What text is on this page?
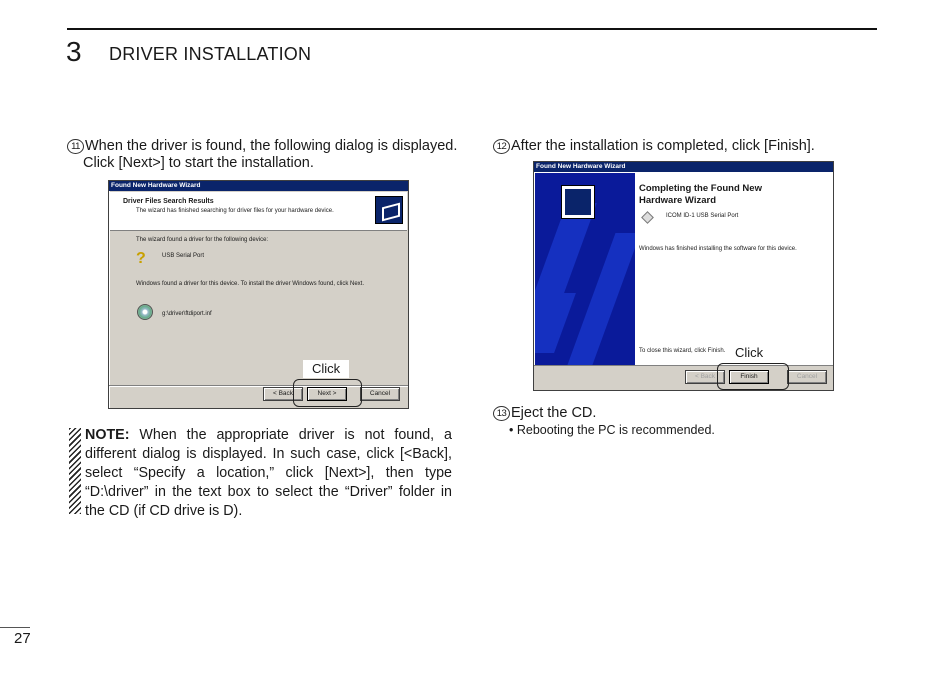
3 DRIVER INSTALLATION
11 When the driver is found, the following dialog is displayed.
Click [Next>] to start the installation.
Found New Hardware Wizard
Driver Files Search Results
The wizard has finished searching for driver files for your hardware device.
The wizard found a driver for the following device:
?	USB Serial Port
Windows found a driver for this device. To install the driver Windows found, click Next.
g:\driver\ftdiport.inf
< Back	Next >	Cancel
Click
NOTE: When the appropriate driver is not found, a different dialog is displayed. In such case, click [<Back], select “Specify a location,” click [Next>], then type “D:\driver” in the text box to select the “Driver” folder in the CD (if CD drive is D).
12 After the installation is completed, click [Finish].
Found New Hardware Wizard
Completing the Found New Hardware Wizard
ICOM ID-1 USB Serial Port
Windows has finished installing the software for this device.
To close this wizard, click Finish.
< Back	Finish	Cancel
Click
13 Eject the CD.
• Rebooting the PC is recommended.
27
